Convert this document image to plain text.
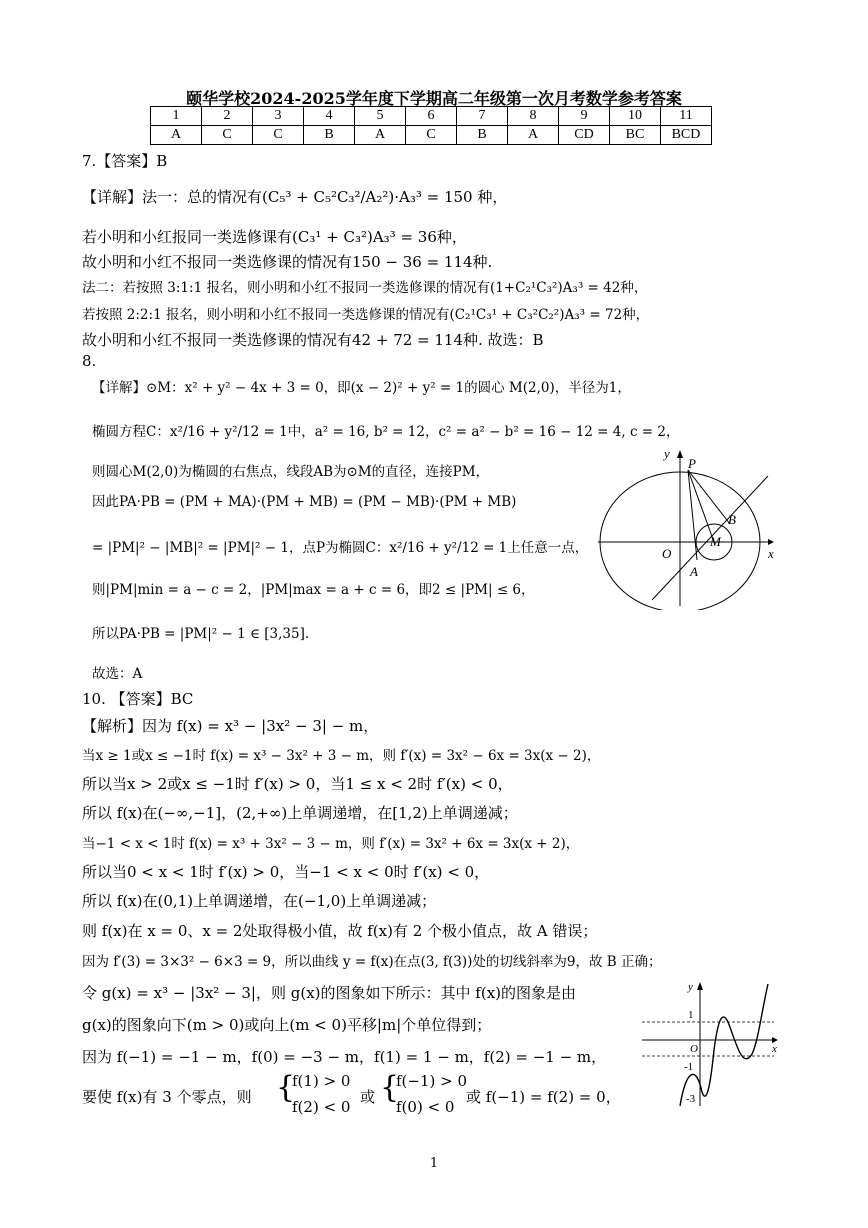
颐华学校2024-2025学年度下学期高二年级第一次月考数学参考答案
1	2	3	4	5	6	7	8	9	10	11
A	C	C	B	A	C	B	A	CD	BC	BCD
7.【答案】B
【详解】法一：总的情况有(C₅³ + C₅²C₃²/A₂²)·A₃³ = 150 种，
若小明和小红报同一类选修课有(C₃¹ + C₃²)A₃³ = 36种，
故小明和小红不报同一类选修课的情况有150 − 36 = 114种.
法二：若按照 3:1:1 报名，则小明和小红不报同一类选修课的情况有(1+C₂¹C₃²)A₃³ = 42种，
若按照 2:2:1 报名，则小明和小红不报同一类选修课的情况有(C₂¹C₃¹ + C₃²C₂²)A₃³ = 72种，
故小明和小红不报同一类选修课的情况有42 + 72 = 114种. 故选：B
8.
【详解】⊙M：x² + y² − 4x + 3 = 0，即(x − 2)² + y² = 1的圆心 M(2,0)，半径为1，
椭圆方程C：x²/16 + y²/12 = 1中，a² = 16, b² = 12，c² = a² − b² = 16 − 12 = 4, c = 2，
则圆心M(2,0)为椭圆的右焦点，线段AB为⊙M的直径，连接PM，
因此PA·PB = (PM + MA)·(PM + MB) = (PM − MB)·(PM + MB)
= |PM|² − |MB|² = |PM|² − 1，点P为椭圆C：x²/16 + y²/12 = 1上任意一点，
则|PM|min = a − c = 2，|PM|max = a + c = 6，即2 ≤ |PM| ≤ 6，
所以PA·PB = |PM|² − 1 ∈ [3,35].
故选：A
y
x
O
P
M
A
B
10. 【答案】BC
【解析】因为 f(x) = x³ − |3x² − 3| − m，
当x ≥ 1或x ≤ −1时 f(x) = x³ − 3x² + 3 − m，则 f′(x) = 3x² − 6x = 3x(x − 2)，
所以当x > 2或x ≤ −1时 f′(x) > 0，当1 ≤ x < 2时 f′(x) < 0，
所以 f(x)在(−∞,−1]，(2,+∞)上单调递增，在[1,2)上单调递减；
当−1 < x < 1时 f(x) = x³ + 3x² − 3 − m，则 f′(x) = 3x² + 6x = 3x(x + 2)，
所以当0 < x < 1时 f′(x) > 0，当−1 < x < 0时 f′(x) < 0，
所以 f(x)在(0,1)上单调递增，在(−1,0)上单调递减；
则 f(x)在 x = 0、x = 2处取得极小值，故 f(x)有 2 个极小值点，故 A 错误；
因为 f′(3) = 3×3² − 6×3 = 9，所以曲线 y = f(x)在点(3, f(3))处的切线斜率为9，故 B 正确；
令 g(x) = x³ − |3x² − 3|，则 g(x)的图象如下所示：其中 f(x)的图象是由
g(x)的图象向下(m > 0)或向上(m < 0)平移|m|个单位得到；
因为 f(−1) = −1 − m，f(0) = −3 − m，f(1) = 1 − m，f(2) = −1 − m，
要使 f(x)有 3 个零点，则 {
f(1) > 0
f(2) < 0
或 {
f(−1) > 0
f(0) < 0
或 f(−1) = f(2) = 0，
y
x
O
1
-1
-3
1
